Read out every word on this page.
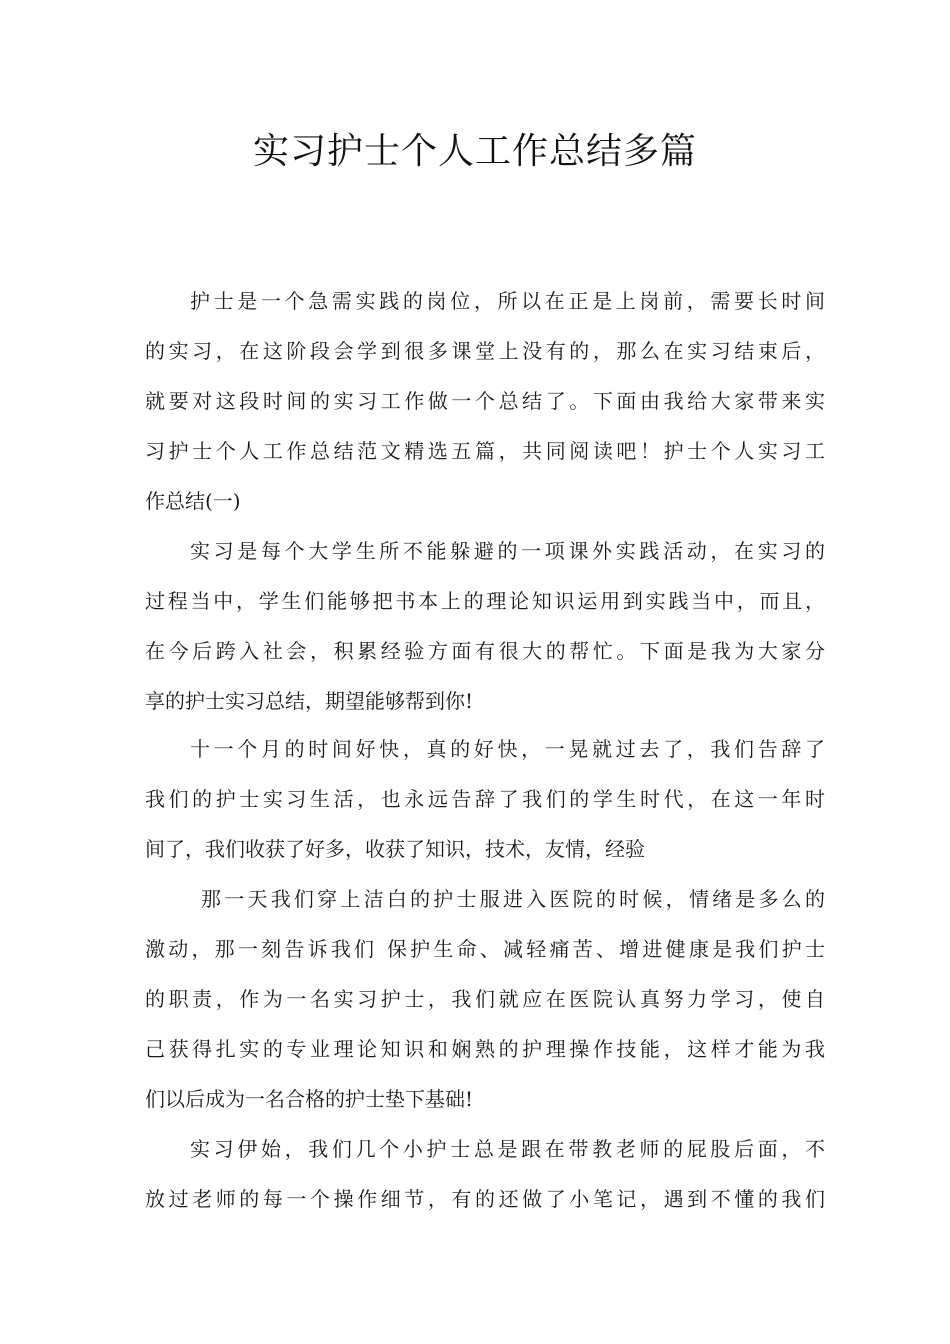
实习护士个人工作总结多篇
护士是一个急需实践的岗位，所以在正是上岗前，需要长时间
的实习，在这阶段会学到很多课堂上没有的，那么在实习结束后，
就要对这段时间的实习工作做一个总结了。下面由我给大家带来实
习护士个人工作总结范文精选五篇，共同阅读吧！护士个人实习工
作总结(一)
实习是每个大学生所不能躲避的一项课外实践活动，在实习的
过程当中，学生们能够把书本上的理论知识运用到实践当中，而且，
在今后跨入社会，积累经验方面有很大的帮忙。下面是我为大家分
享的护士实习总结，期望能够帮到你!
十一个月的时间好快，真的好快，一晃就过去了，我们告辞了
我们的护士实习生活，也永远告辞了我们的学生时代，在这一年时
间了，我们收获了好多，收获了知识，技术，友情，经验
那一天我们穿上洁白的护士服进入医院的时候，情绪是多么的
激动，那一刻告诉我们 保护生命、减轻痛苦、增进健康是我们护士
的职责，作为一名实习护士，我们就应在医院认真努力学习，使自
己获得扎实的专业理论知识和娴熟的护理操作技能，这样才能为我
们以后成为一名合格的护士垫下基础!
实习伊始，我们几个小护士总是跟在带教老师的屁股后面，不
放过老师的每一个操作细节，有的还做了小笔记，遇到不懂的我们
